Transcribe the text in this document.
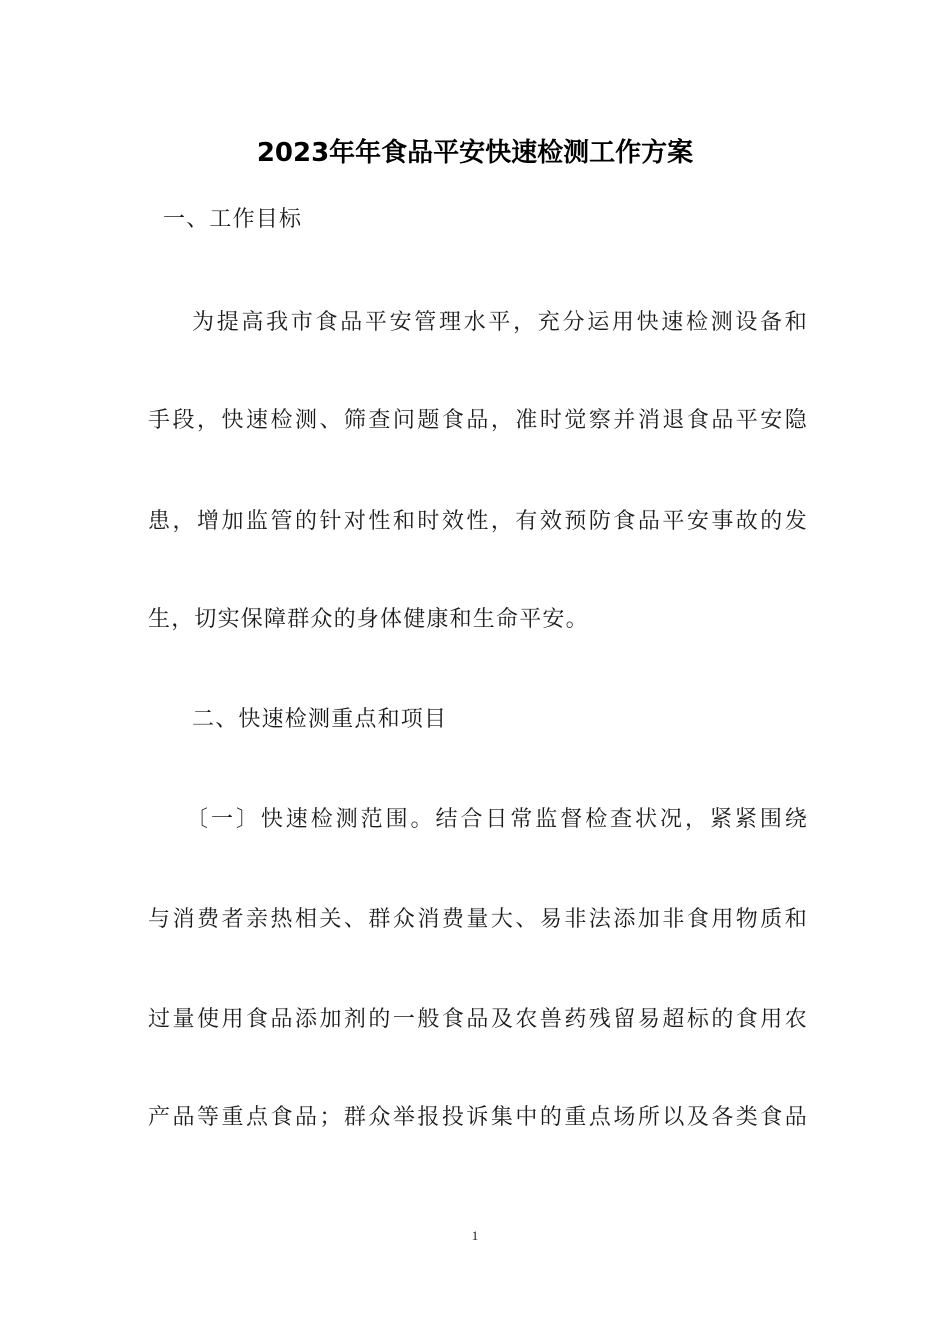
2023年年食品平安快速检测工作方案
一、工作目标
为提高我市食品平安管理水平，充分运用快速检测设备和
手段，快速检测、筛查问题食品，准时觉察并消退食品平安隐
患，增加监管的针对性和时效性，有效预防食品平安事故的发
生，切实保障群众的身体健康和生命平安。
二、快速检测重点和项目
〔一〕快速检测范围。结合日常监督检查状况，紧紧围绕
与消费者亲热相关、群众消费量大、易非法添加非食用物质和
过量使用食品添加剂的一般食品及农兽药残留易超标的食用农
产品等重点食品；群众举报投诉集中的重点场所以及各类食品
1
